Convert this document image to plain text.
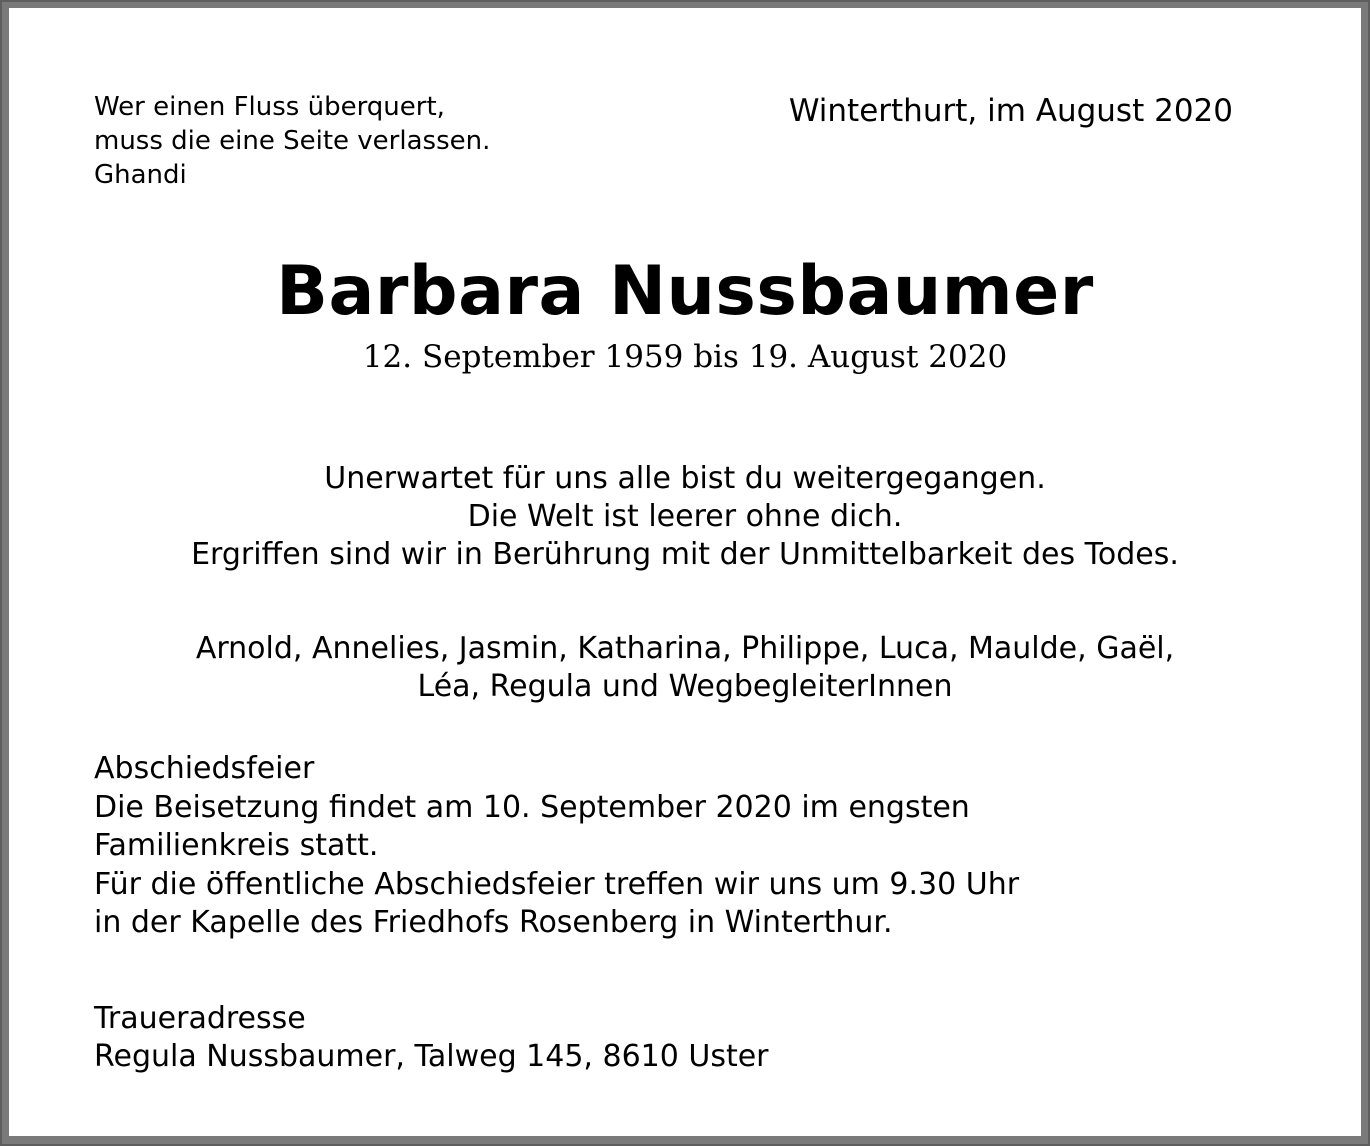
Wer einen Fluss überquert,
muss die eine Seite verlassen.
Ghandi
Winterthurt, im August 2020
Barbara Nussbaumer
12. September 1959 bis 19. August 2020
Unerwartet für uns alle bist du weitergegangen.
Die Welt ist leerer ohne dich.
Ergriffen sind wir in Berührung mit der Unmittelbarkeit des Todes.
Arnold, Annelies, Jasmin, Katharina, Philippe, Luca, Maulde, Gaël,
Léa, Regula und WegbegleiterInnen
Abschiedsfeier
Die Beisetzung findet am 10. September 2020 im engsten
Familienkreis statt.
Für die öffentliche Abschiedsfeier treffen wir uns um 9.30 Uhr
in der Kapelle des Friedhofs Rosenberg in Winterthur.
Traueradresse
Regula Nussbaumer, Talweg 145, 8610 Uster
